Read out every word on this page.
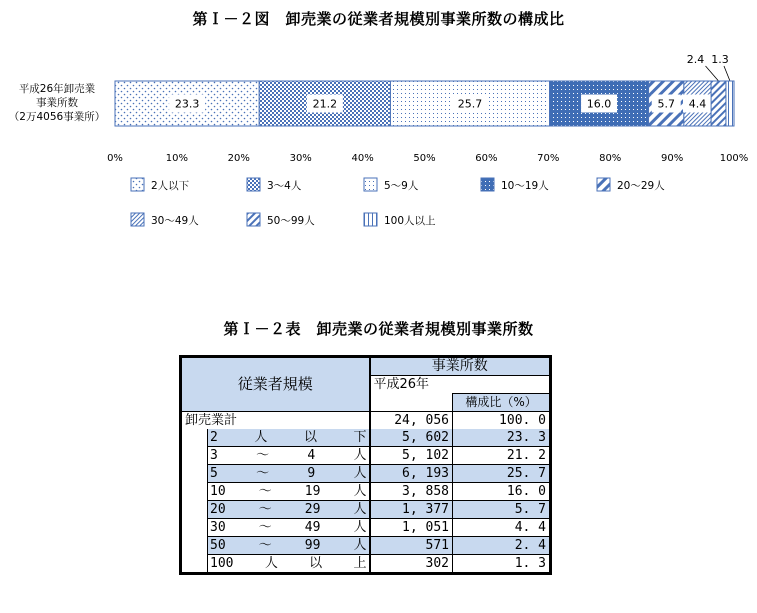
第Ｉ－２図　卸売業の従業者規模別事業所数の構成比
平成26年卸売業
事業所数
（2万4056事業所）
23.3	21.2	25.7	16.0	5.7 4.4
2.4 1.3
0%	10%	20%	30%	40%	50%	60%	70%	80%	90%	100%
2人以下	3～4人	5～9人	10～19人	20～29人
30～49人	50～99人	100人以上
第Ｉ－２表　卸売業の従業者規模別事業所数
従業者規模		事業所数	
		平成26年	
			構成比（%）
卸売業計		24, 056	100. 0

	2 人 以 下	5, 602	23. 3

	3 ～ 4 人	5, 102	21. 2

	5 ～ 9 人	6, 193	25. 7

	10 ～ 19 人	3, 858	16. 0

	20 ～ 29 人	1, 377	5. 7

	30 ～ 49 人	1, 051	4. 4

	50 ～ 99 人	571	2. 4

	100 人 以 上	302	1. 3
